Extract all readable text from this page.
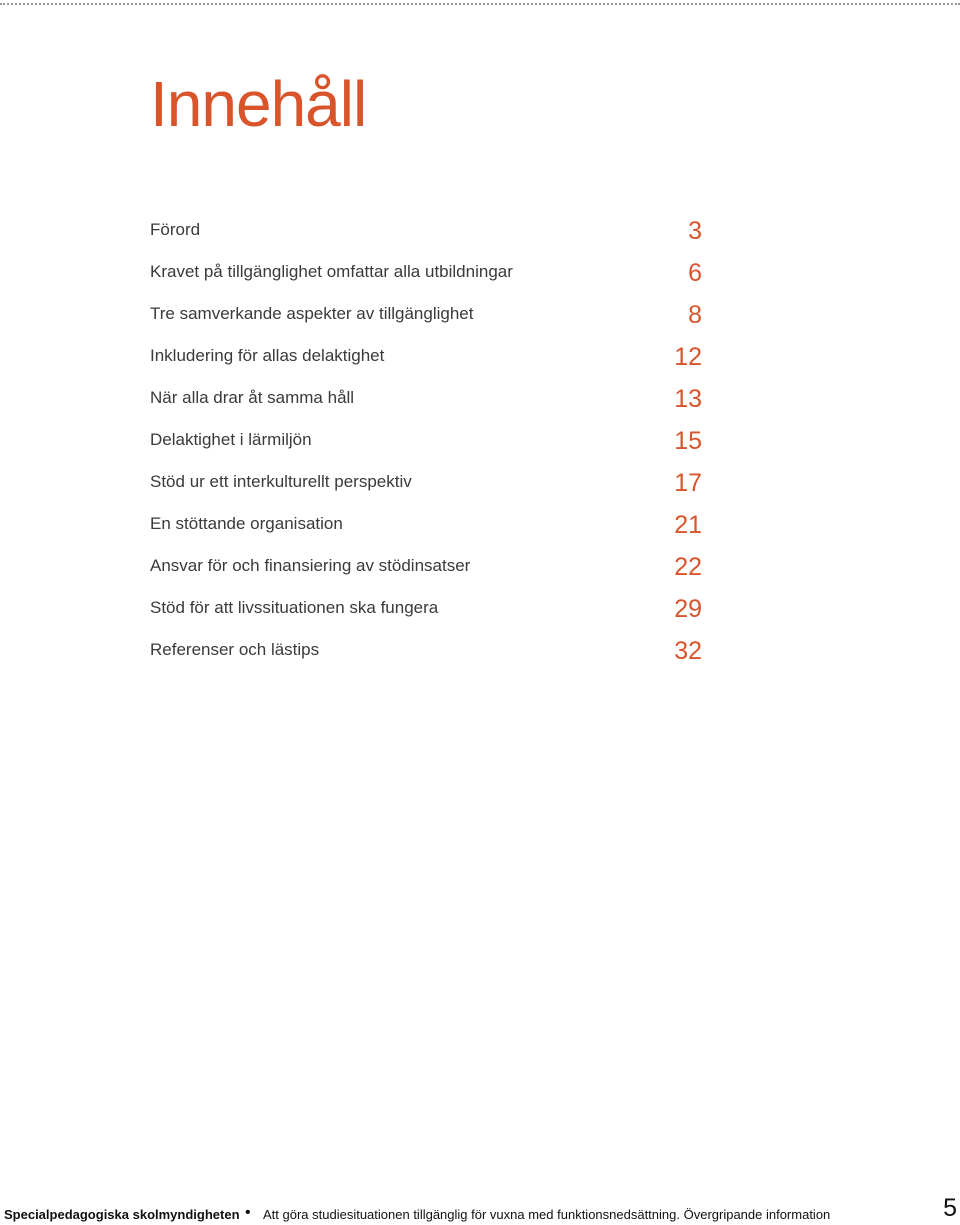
Innehåll
Förord	3
Kravet på tillgänglighet omfattar alla utbildningar	6
Tre samverkande aspekter av tillgänglighet	8
Inkludering för allas delaktighet	12
När alla drar åt samma håll	13
Delaktighet i lärmiljön	15
Stöd ur ett interkulturellt perspektiv	17
En stöttande organisation	21
Ansvar för och finansiering av stödinsatser	22
Stöd för att livssituationen ska fungera	29
Referenser och lästips	32
Specialpedagogiska skolmyndigheten • Att göra studiesituationen tillgänglig för vuxna med funktionsnedsättning. Övergripande information	5
